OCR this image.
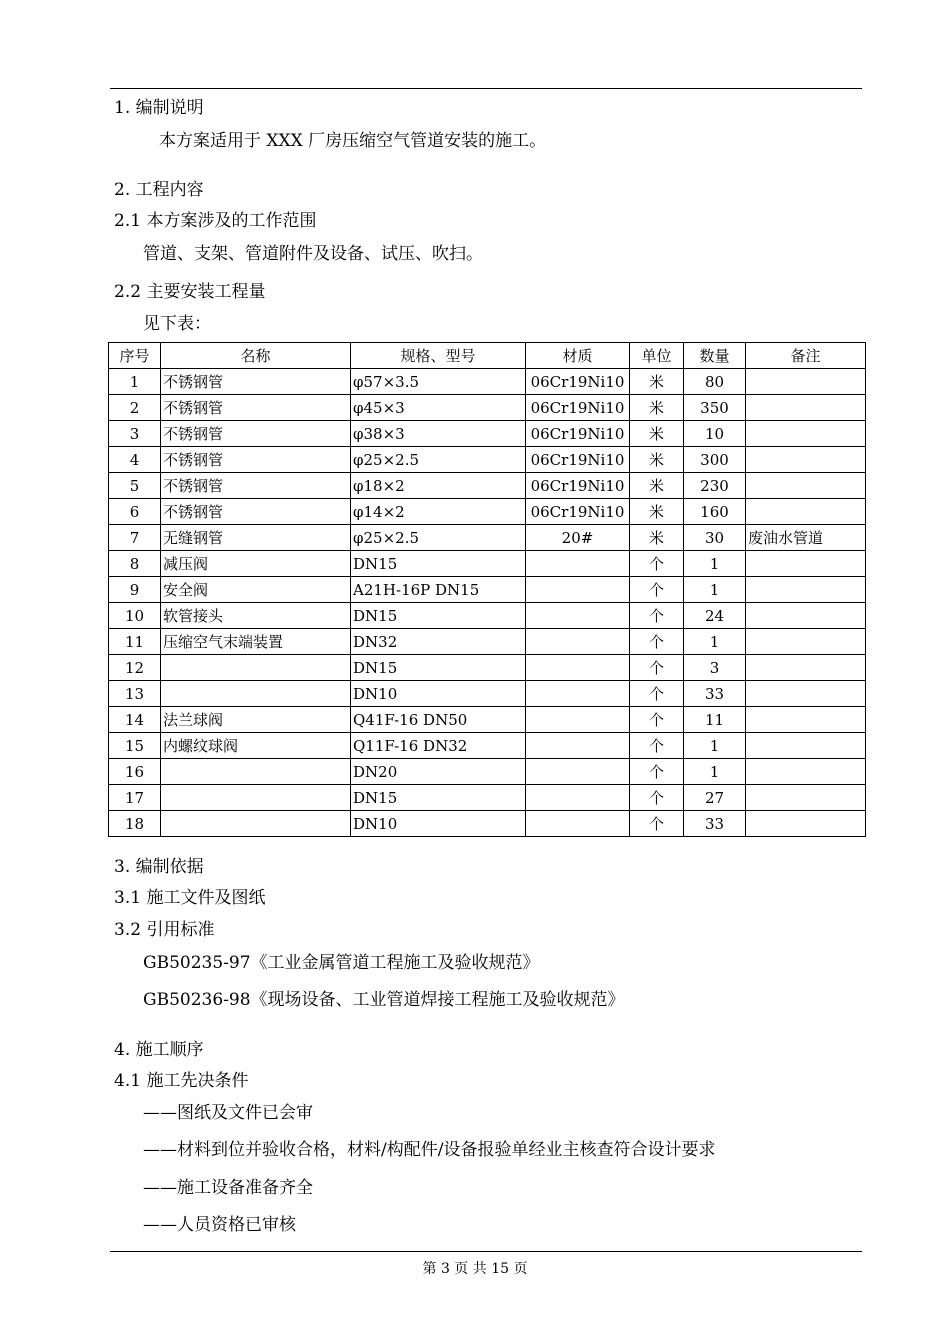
1. 编制说明
本方案适用于 XXX 厂房压缩空气管道安装的施工。
2. 工程内容
2.1 本方案涉及的工作范围
管道、支架、管道附件及设备、试压、吹扫。
2.2 主要安装工程量
见下表：
序号	名称	规格、型号	材质	单位	数量	备注
1	不锈钢管	φ57×3.5	06Cr19Ni10	米	80	
2	不锈钢管	φ45×3	06Cr19Ni10	米	350	
3	不锈钢管	φ38×3	06Cr19Ni10	米	10	
4	不锈钢管	φ25×2.5	06Cr19Ni10	米	300	
5	不锈钢管	φ18×2	06Cr19Ni10	米	230	
6	不锈钢管	φ14×2	06Cr19Ni10	米	160	
7	无缝钢管	φ25×2.5	20#	米	30	废油水管道
8	减压阀	DN15		个	1	
9	安全阀	A21H-16P DN15		个	1	
10	软管接头	DN15		个	24	
11	压缩空气末端装置	DN32		个	1	
12		DN15		个	3	
13		DN10		个	33	
14	法兰球阀	Q41F-16 DN50		个	11	
15	内螺纹球阀	Q11F-16 DN32		个	1	
16		DN20		个	1	
17		DN15		个	27	
18		DN10		个	33	
3. 编制依据
3.1 施工文件及图纸
3.2 引用标准
GB50235-97《工业金属管道工程施工及验收规范》
GB50236-98《现场设备、工业管道焊接工程施工及验收规范》
4. 施工顺序
4.1 施工先决条件
——图纸及文件已会审
——材料到位并验收合格，材料/构配件/设备报验单经业主核查符合设计要求
——施工设备准备齐全
——人员资格已审核
第 3 页 共 15 页
